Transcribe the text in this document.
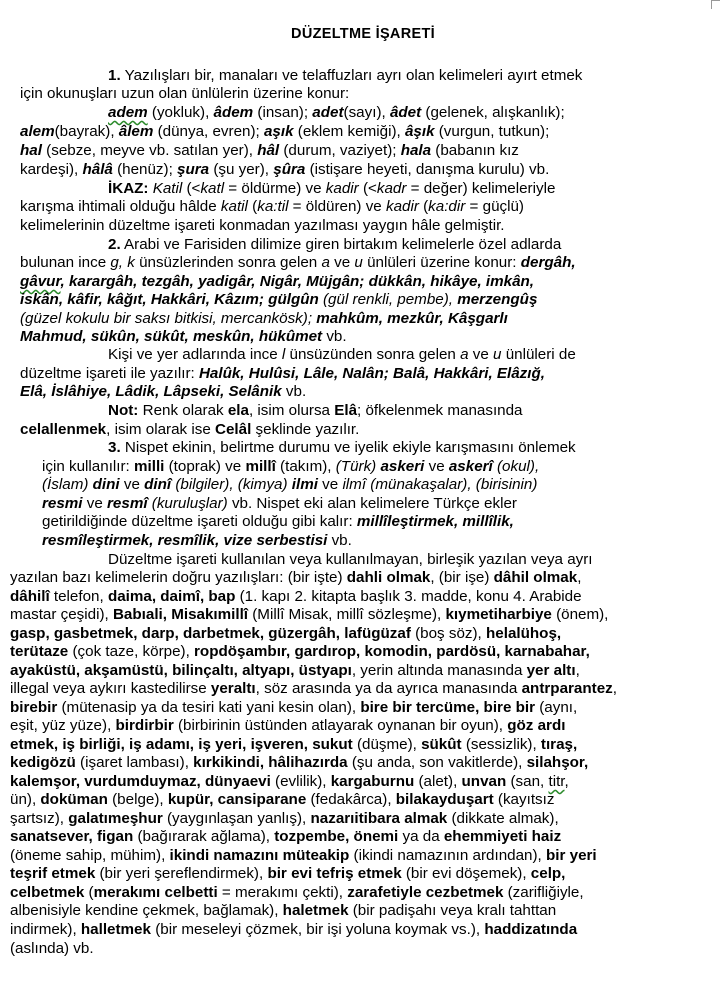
DÜZELTME İŞARETİ
1. Yazılışları bir, manaları ve telaffuzları ayrı olan kelimeleri ayırt etmek
için okunuşları uzun olan ünlülerin üzerine konur:
adem (yokluk), âdem (insan); adet(sayı), âdet (gelenek, alışkanlık);
alem(bayrak), âlem (dünya, evren); aşık (eklem kemiği), âşık (vurgun, tutkun);
hal (sebze, meyve vb. satılan yer), hâl (durum, vaziyet); hala (babanın kız
kardeşi), hâlâ (henüz); şura (şu yer), şûra (istişare heyeti, danışma kurulu) vb.
İKAZ: Katil (<katl = öldürme) ve kadir (<kadr = değer) kelimeleriyle
karışma ihtimali olduğu hâlde katil (ka:til = öldüren) ve kadir (ka:dir = güçlü)
kelimelerinin düzeltme işareti konmadan yazılması yaygın hâle gelmiştir.
2. Arabi ve Farisiden dilimize giren birtakım kelimelerle özel adlarda
bulunan ince g, k ünsüzlerinden sonra gelen a ve u ünlüleri üzerine konur: dergâh,
gâvur, karargâh, tezgâh, yadigâr, Nigâr, Müjgân; dükkân, hikâye, imkân,
iskân, kâfir, kâğıt, Hakkâri, Kâzım; gülgûn (gül renkli, pembe), merzengûş
(güzel kokulu bir saksı bitkisi, mercankösk); mahkûm, mezkûr, Kâşgarlı
Mahmud, sükûn, sükût, meskûn, hükûmet vb.
Kişi ve yer adlarında ince l ünsüzünden sonra gelen a ve u ünlüleri de
düzeltme işareti ile yazılır: Halûk, Hulûsi, Lâle, Nalân; Balâ, Hakkâri, Elâzığ,
Elâ, İslâhiye, Lâdik, Lâpseki, Selânik vb.
Not: Renk olarak ela, isim olursa Elâ; öfkelenmek manasında
celallenmek, isim olarak ise Celâl şeklinde yazılır.
3. Nispet ekinin, belirtme durumu ve iyelik ekiyle karışmasını önlemek
için kullanılır: milli (toprak) ve millî (takım), (Türk) askeri ve askerî (okul),
(İslam) dini ve dinî (bilgiler), (kimya) ilmi ve ilmî (münakaşalar), (birisinin)
resmi ve resmî (kuruluşlar) vb. Nispet eki alan kelimelere Türkçe ekler
getirildiğinde düzeltme işareti olduğu gibi kalır: millîleştirmek, millîlik,
resmîleştirmek, resmîlik, vize serbestisi vb.
Düzeltme işareti kullanılan veya kullanılmayan, birleşik yazılan veya ayrı
yazılan bazı kelimelerin doğru yazılışları: (bir işte) dahli olmak, (bir işe) dâhil olmak,
dâhilî telefon, daima, daimî, bap (1. kapı 2. kitapta başlık 3. madde, konu 4. Arabide
mastar çeşidi), Babıali, Misakımillî (Millî Misak, millî sözleşme), kıymetiharbiye (önem),
gasp, gasbetmek, darp, darbetmek, güzergâh, lafügüzaf (boş söz), helalühoş,
terütaze (çok taze, körpe), ropdöşambır, gardırop, komodin, pardösü, karnabahar,
ayaküstü, akşamüstü, bilinçaltı, altyapı, üstyapı, yerin altında manasında yer altı,
illegal veya aykırı kastedilirse yeraltı, söz arasında ya da ayrıca manasında antrparantez,
birebir (mütenasip ya da tesiri kati yani kesin olan), bire bir tercüme, bire bir (aynı,
eşit, yüz yüze), birdirbir (birbirinin üstünden atlayarak oynanan bir oyun), göz ardı
etmek, iş birliği, iş adamı, iş yeri, işveren, sukut (düşme), sükût (sessizlik), tıraş,
kedigözü (işaret lambası), kırkikindi, hâlihazırda (şu anda, son vakitlerde), silahşor,
kalemşor, vurdumduymaz, dünyaevi (evlilik), kargaburnu (alet), unvan (san, titr,
ün), doküman (belge), kupür, cansiparane (fedakârca), bilakayduşart (kayıtsız
şartsız), galatımeşhur (yaygınlaşan yanlış), nazarıitibara almak (dikkate almak),
sanatsever, figan (bağırarak ağlama), tozpembe, önemi ya da ehemmiyeti haiz
(öneme sahip, mühim), ikindi namazını müteakip (ikindi namazının ardından), bir yeri
teşrif etmek (bir yeri şereflendirmek), bir evi tefriş etmek (bir evi döşemek), celp,
celbetmek (merakımı celbetti = merakımı çekti), zarafetiyle cezbetmek (zarifliğiyle,
albenisiyle kendine çekmek, bağlamak), haletmek (bir padişahı veya kralı tahttan
indirmek), halletmek (bir meseleyi çözmek, bir işi yoluna koymak vs.), haddizatında
(aslında) vb.
